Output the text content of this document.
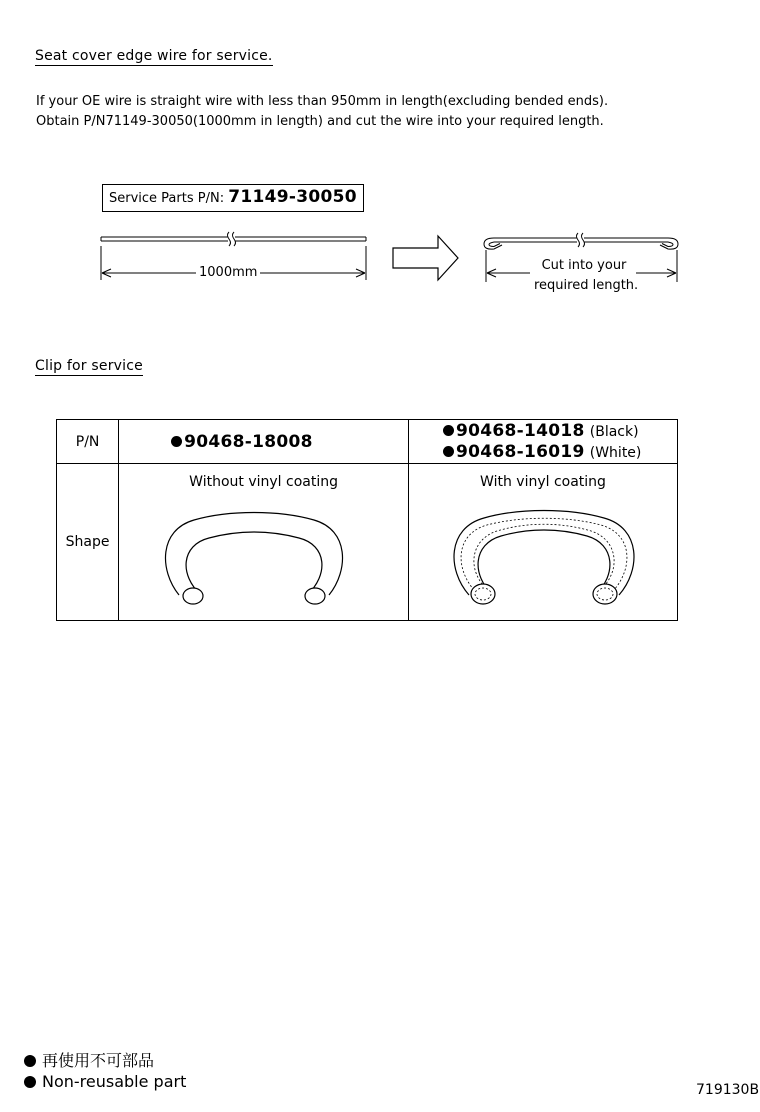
Seat cover edge wire for service.
If your OE wire is straight wire with less than 950mm in length(excluding bended ends).
Obtain P/N71149-30050(1000mm in length) and cut the wire into your required length.
Service Parts P/N: 71149-30050
1000mm	Cut into your
required length.
Clip for service
P/N	90468-18008	90468-14018 (Black)
90468-16019 (White)

Shape	Without vinyl coating	With vinyl coating
再使用不可部品
Non-reusable part	719130B
